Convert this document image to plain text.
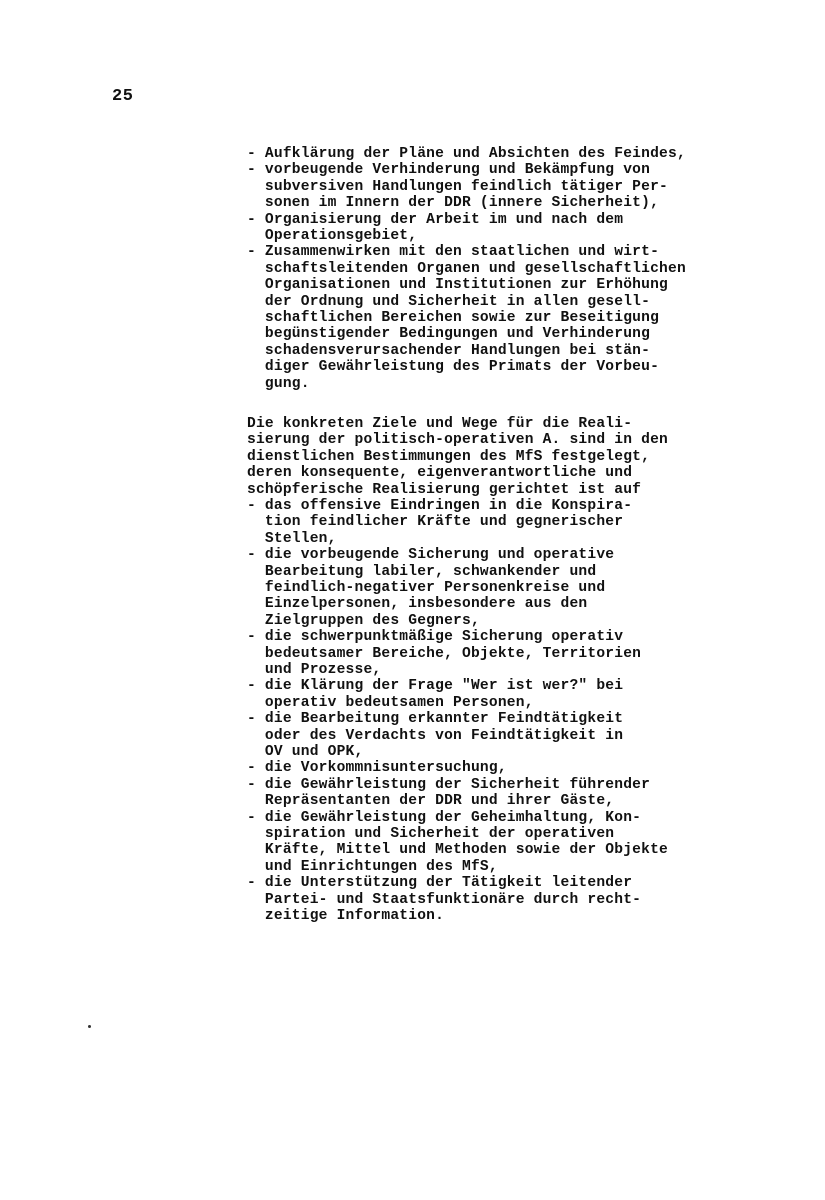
25
- Aufklärung der Pläne und Absichten des Feindes,
- vorbeugende Verhinderung und Bekämpfung von
subversiven Handlungen feindlich tätiger Per-
sonen im Innern der DDR (innere Sicherheit),
- Organisierung der Arbeit im und nach dem
Operationsgebiet,
- Zusammenwirken mit den staatlichen und wirt-
schaftsleitenden Organen und gesellschaftlichen
Organisationen und Institutionen zur Erhöhung
der Ordnung und Sicherheit in allen gesell-
schaftlichen Bereichen sowie zur Beseitigung
begünstigender Bedingungen und Verhinderung
schadensverursachender Handlungen bei stän-
diger Gewährleistung des Primats der Vorbeu-
gung.
Die konkreten Ziele und Wege für die Reali-
sierung der politisch-operativen A. sind in den
dienstlichen Bestimmungen des MfS festgelegt,
deren konsequente, eigenverantwortliche und
schöpferische Realisierung gerichtet ist auf
- das offensive Eindringen in die Konspira-
tion feindlicher Kräfte und gegnerischer
Stellen,
- die vorbeugende Sicherung und operative
Bearbeitung labiler, schwankender und
feindlich-negativer Personenkreise und
Einzelpersonen, insbesondere aus den
Zielgruppen des Gegners,
- die schwerpunktmäßige Sicherung operativ
bedeutsamer Bereiche, Objekte, Territorien
und Prozesse,
- die Klärung der Frage "Wer ist wer?" bei
operativ bedeutsamen Personen,
- die Bearbeitung erkannter Feindtätigkeit
oder des Verdachts von Feindtätigkeit in
OV und OPK,
- die Vorkommnisuntersuchung,
- die Gewährleistung der Sicherheit führender
Repräsentanten der DDR und ihrer Gäste,
- die Gewährleistung der Geheimhaltung, Kon-
spiration und Sicherheit der operativen
Kräfte, Mittel und Methoden sowie der Objekte
und Einrichtungen des MfS,
- die Unterstützung der Tätigkeit leitender
Partei- und Staatsfunktionäre durch recht-
zeitige Information.
